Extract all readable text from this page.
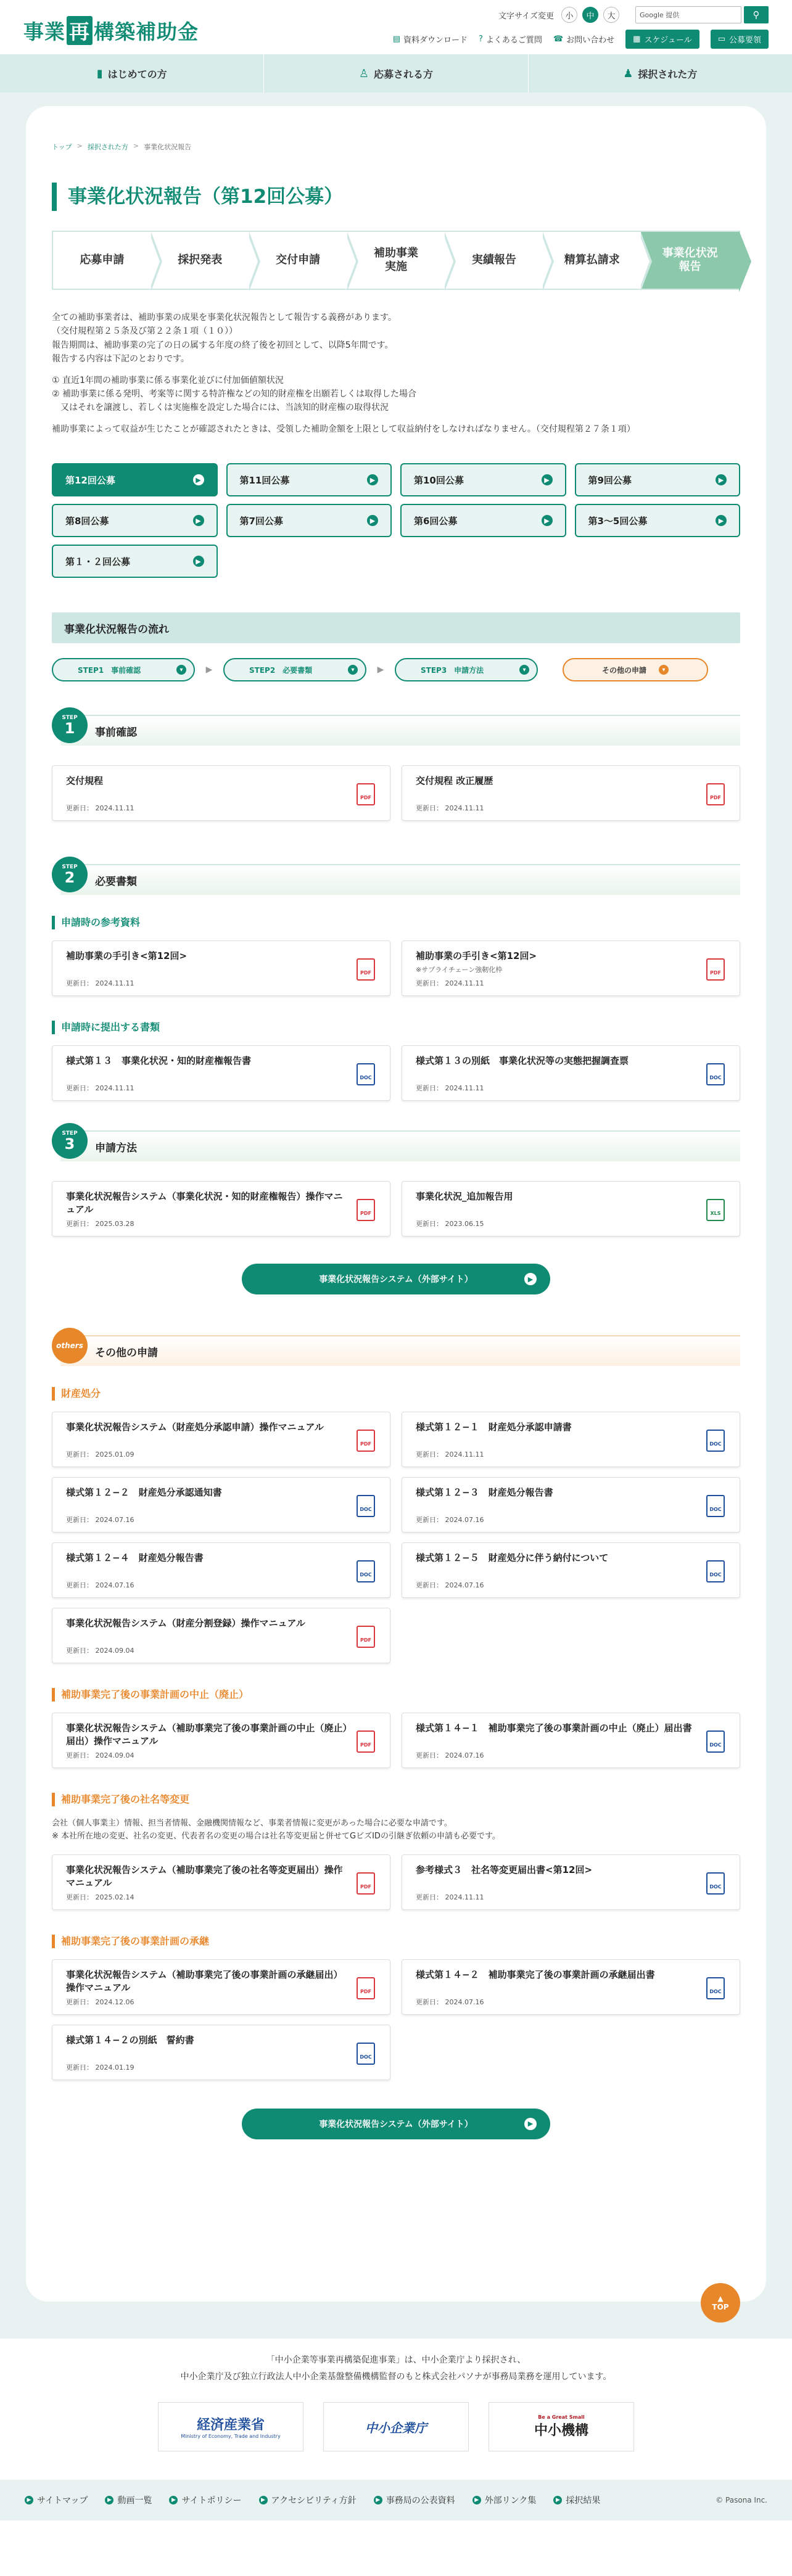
事業 再 構築補助金
文字サイズ変更	小	中	大	Google 提供	⚲
▤ 資料ダウンロード ? よくあるご質問 ☎ お問い合わせ ▦ スケジュール	▭ 公募要領
▮ はじめての方	♙ 応募される方	♟ 採択された方
トップ > 採択された方 > 事業化状況報告
事業化状況報告（第12回公募）
応募申請	採択発表	交付申請
補助事業
実施
実績報告	精算払請求
事業化状況
報告

全ての補助事業者は、補助事業の成果を事業化状況報告として報告する義務があります。

（交付規程第２５条及び第２２条１項（１０））

報告期間は、補助事業の完了の日の属する年度の終了後を初回として、以降5年間です。

報告する内容は下記のとおりです。

① 直近1年間の補助事業に係る事業化並びに付加価値額状況

② 補助事業に係る発明、考案等に関する特許権などの知的財産権を出願若しくは取得した場合

　又はそれを譲渡し、若しくは実施権を設定した場合には、当該知的財産権の取得状況

補助事業によって収益が生じたことが確認されたときは、受領した補助金額を上限として収益納付をしなければなりません。（交付規程第２７条１項）

第12回公募	▶	第11回公募	▶	第10回公募	▶	第9回公募	▶
第8回公募	▶	第7回公募	▶	第6回公募	▶	第3〜5回公募	▶
第１・２回公募	▶
事業化状況報告の流れ
STEP1　事前確認	▾	▶	STEP2　必要書類	▾	▶	STEP3　申請方法	▾	その他の申請	▾
STEP
1	事前確認
交付規程
更新日： 2024.11.11
PDF
交付規程 改正履歴
更新日： 2024.11.11
PDF
STEP
2	必要書類
申請時の参考資料
補助事業の手引き<第12回>
更新日： 2024.11.11
PDF
補助事業の手引き<第12回>
※サプライチェーン強靭化枠
更新日： 2024.11.11
PDF
申請時に提出する書類
様式第１３　事業化状況・知的財産権報告書
更新日： 2024.11.11
DOC
様式第１３の別紙　事業化状況等の実態把握調査票
更新日： 2024.11.11
DOC
STEP
3	申請方法
事業化状況報告システム（事業化状況・知的財産権報告）操作マニュアル
更新日： 2025.03.28
PDF
事業化状況_追加報告用
更新日： 2023.06.15
XLS
事業化状況報告システム（外部サイト）	▶
others
その他の申請
財産処分
事業化状況報告システム（財産処分承認申請）操作マニュアル
更新日： 2025.01.09
PDF
様式第１２−１　財産処分承認申請書
更新日： 2024.11.11
DOC
様式第１２−２　財産処分承認通知書
更新日： 2024.07.16
DOC
様式第１２−３　財産処分報告書
更新日： 2024.07.16
DOC
様式第１２−４　財産処分報告書
更新日： 2024.07.16
DOC
様式第１２−５　財産処分に伴う納付について
更新日： 2024.07.16
DOC
事業化状況報告システム（財産分割登録）操作マニュアル
更新日： 2024.09.04
PDF
補助事業完了後の事業計画の中止（廃止）
事業化状況報告システム（補助事業完了後の事業計画の中止（廃止）届出）操作マニュアル
更新日： 2024.09.04
PDF
様式第１４−１　補助事業完了後の事業計画の中止（廃止）届出書
更新日： 2024.07.16
DOC
補助事業完了後の社名等変更

会社（個人事業主）情報、担当者情報、金融機関情報など、事業者情報に変更があった場合に必要な申請です。

※ 本社所在地の変更、社名の変更、代表者名の変更の場合は社名等変更届と併せてGビズIDの引継ぎ依頼の申請も必要です。

事業化状況報告システム（補助事業完了後の社名等変更届出）操作マニュアル
更新日： 2025.02.14
PDF
参考様式３　社名等変更届出書<第12回>
更新日： 2024.11.11
DOC
補助事業完了後の事業計画の承継
事業化状況報告システム（補助事業完了後の事業計画の承継届出）操作マニュアル
更新日： 2024.12.06
PDF
様式第１４−２　補助事業完了後の事業計画の承継届出書
更新日： 2024.07.16
DOC
様式第１４−２の別紙　誓約書
更新日： 2024.01.19
DOC
事業化状況報告システム（外部サイト）	▶
▲
TOP

「中小企業等事業再構築促進事業」は、中小企業庁より採択され、

中小企業庁及び独立行政法人中小企業基盤整備機構監督のもと株式会社パソナが事務局業務を運用しています。

経済産業省
Ministry of Economy, Trade and Industry
中小企業庁
Be a Great Small
中小機構
▶ サイトマップ	▶ 動画一覧	▶ サイトポリシー	▶ アクセシビリティ方針	▶ 事務局の公表資料	▶ 外部リンク集	▶ 採択結果	© Pasona Inc.
